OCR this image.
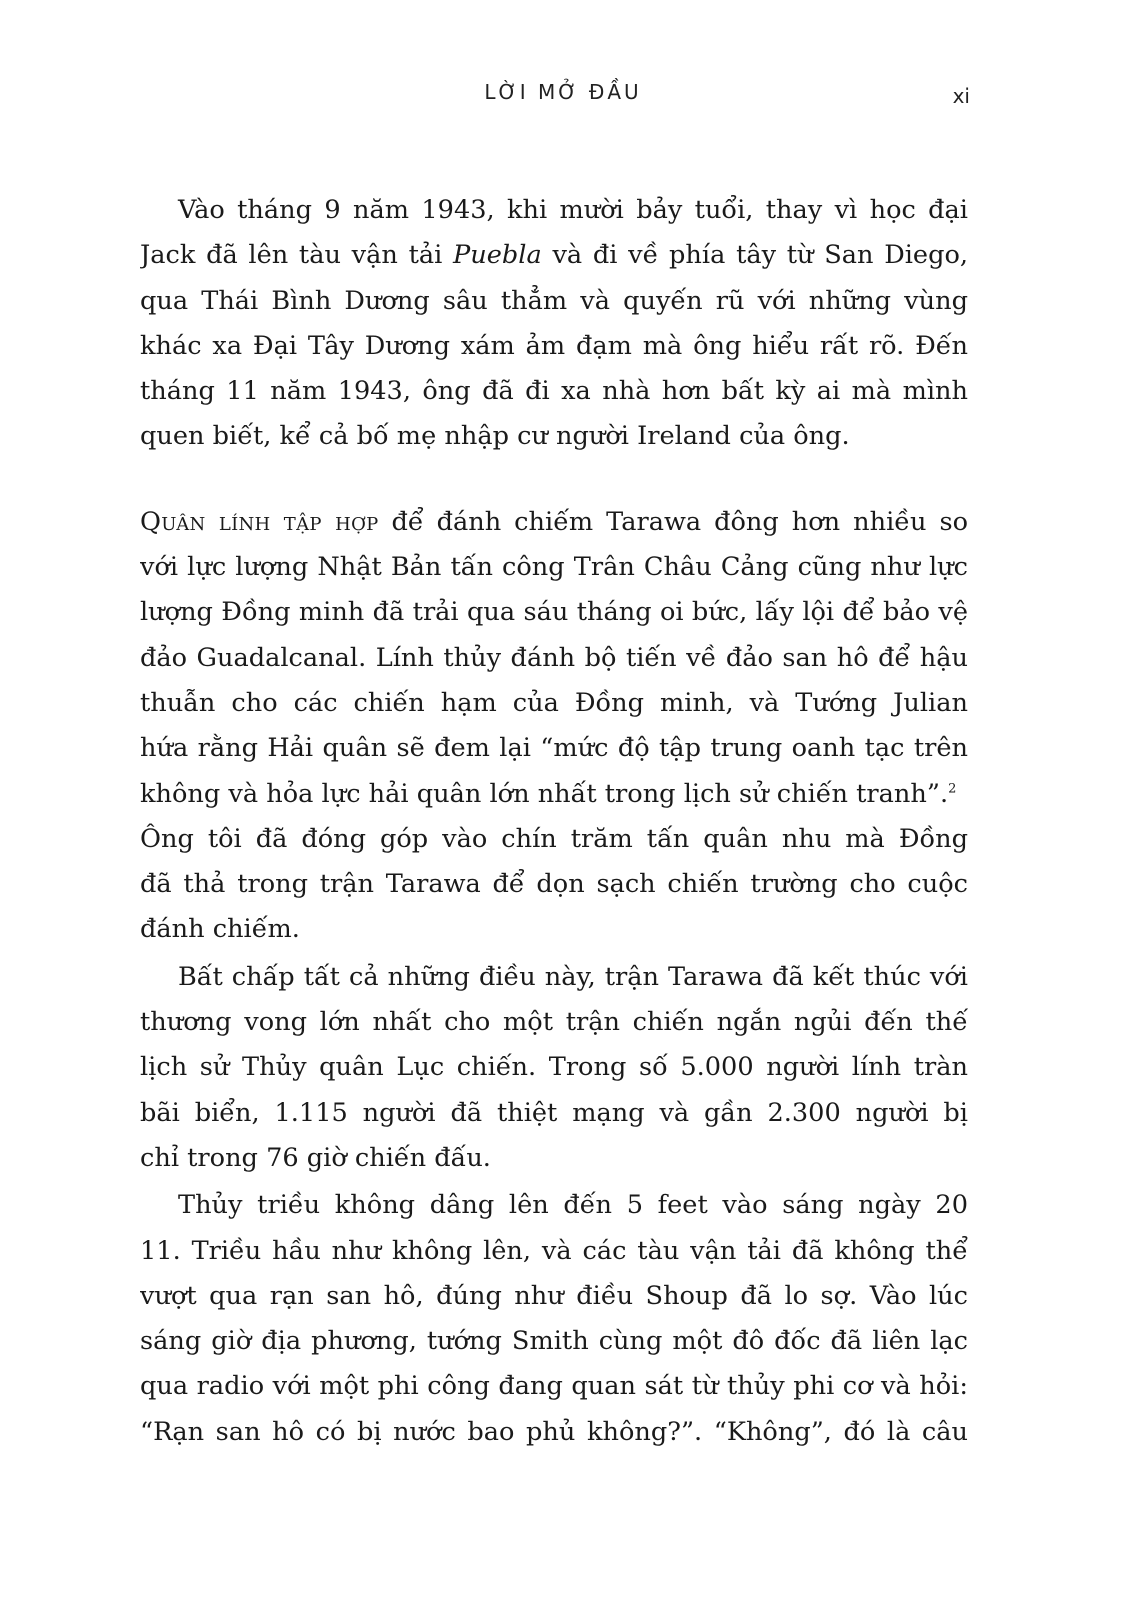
LỜI MỞ ĐẦU	xi
Vào tháng 9 năm 1943, khi mười bảy tuổi, thay vì học đại
Jack đã lên tàu vận tải Puebla và đi về phía tây từ San Diego,
qua Thái Bình Dương sâu thẳm và quyến rũ với những vùng
khác xa Đại Tây Dương xám ảm đạm mà ông hiểu rất rõ. Đến
tháng 11 năm 1943, ông đã đi xa nhà hơn bất kỳ ai mà mình
quen biết, kể cả bố mẹ nhập cư người Ireland của ông.
Quân lính tập hợp để đánh chiếm Tarawa đông hơn nhiều so
với lực lượng Nhật Bản tấn công Trân Châu Cảng cũng như lực
lượng Đồng minh đã trải qua sáu tháng oi bức, lấy lội để bảo vệ
đảo Guadalcanal. Lính thủy đánh bộ tiến về đảo san hô để hậu
thuẫn cho các chiến hạm của Đồng minh, và Tướng Julian
hứa rằng Hải quân sẽ đem lại “mức độ tập trung oanh tạc trên
không và hỏa lực hải quân lớn nhất trong lịch sử chiến tranh”.$^2$
Ông tôi đã đóng góp vào chín trăm tấn quân nhu mà Đồng
đã thả trong trận Tarawa để dọn sạch chiến trường cho cuộc
đánh chiếm.
Bất chấp tất cả những điều này, trận Tarawa đã kết thúc với
thương vong lớn nhất cho một trận chiến ngắn ngủi đến thế
lịch sử Thủy quân Lục chiến. Trong số 5.000 người lính tràn
bãi biển, 1.115 người đã thiệt mạng và gần 2.300 người bị
chỉ trong 76 giờ chiến đấu.
Thủy triều không dâng lên đến 5 feet vào sáng ngày 20
11. Triều hầu như không lên, và các tàu vận tải đã không thể
vượt qua rạn san hô, đúng như điều Shoup đã lo sợ. Vào lúc
sáng giờ địa phương, tướng Smith cùng một đô đốc đã liên lạc
qua radio với một phi công đang quan sát từ thủy phi cơ và hỏi:
“Rạn san hô có bị nước bao phủ không?”. “Không”, đó là câu
